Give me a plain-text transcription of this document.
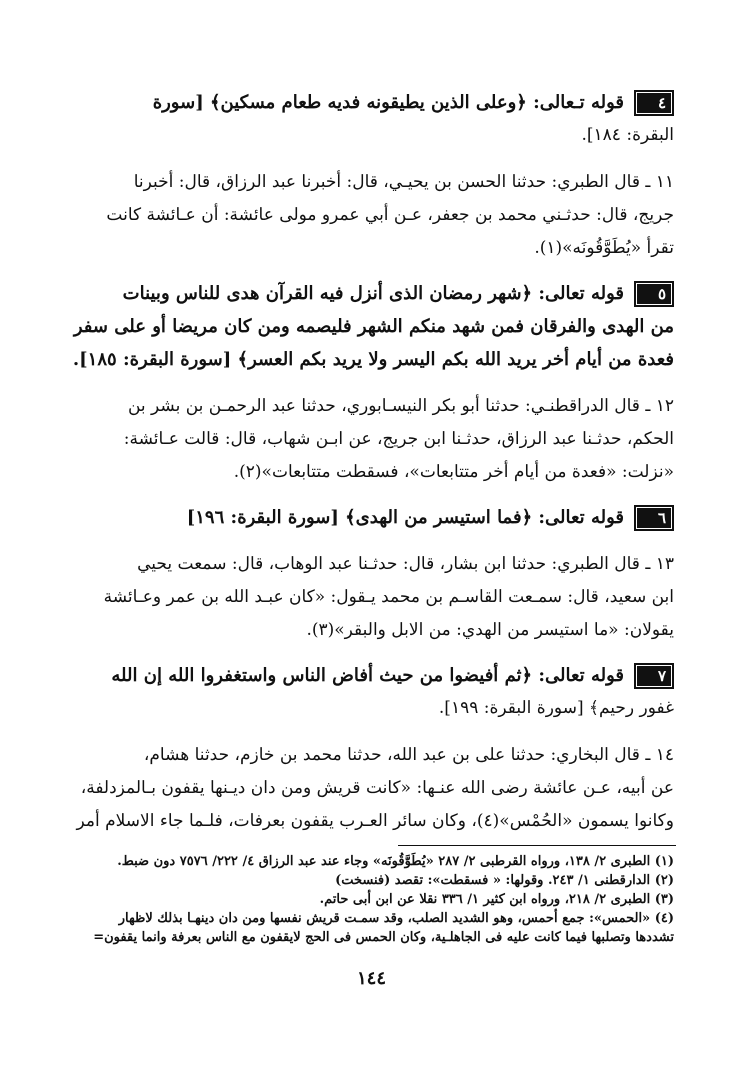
٤قوله تـعالى: ﴿وعلى الذين يطيقونه فديه طعام مسكين﴾ [سورة
البقرة: ١٨٤].
١١ ـ قال الطبري: حدثنا الحسن بن يحيـي، قال: أخبرنا عبد الرزاق، قال: أخبرنا
جريج، قال: حدثـني محمد بن جعفر، عـن أبي عمرو مولى عائشة: أن عـائشة كانت
تقرأ «يُطَوَّقُونَه»(١).
٥قوله تعالى: ﴿شهر رمضان الذى أنزل فيه القرآن هدى للناس وبينات
من الهدى والفرقان فمن شهد منكم الشهر فليصمه ومن كان مريضا أو على سفر
فعدة من أيام أخر يريد الله بكم اليسر ولا يريد بكم العسر﴾ [سورة البقرة: ١٨٥].
١٢ ـ قال الدراقطنـي: حدثنا أبو بكر النيسـابوري، حدثنا عبد الرحمـن بن بشر بن
الحكم، حدثـنا عبد الرزاق، حدثـنا ابن جريج، عن ابـن شهاب، قال: قالت عـائشة:
«نزلت: «فعدة من أيام أخر متتابعات»، فسقطت متتابعات»(٢).
٦قوله تعالى: ﴿فما استيسر من الهدى﴾ [سورة البقرة: ١٩٦]
١٣ ـ قال الطبري: حدثنا ابن بشار، قال: حدثـنا عبد الوهاب، قال: سمعت يحيي
ابن سعيد، قال: سمـعت القاسـم بن محمد يـقول: «كان عبـد الله بن عمر وعـائشة
يقولان: «ما استيسر من الهدي: من الابل والبقر»(٣).
٧قوله تعالى: ﴿ثم أفيضوا من حيث أفاض الناس واستغفروا الله إن الله
غفور رحيم﴾ [سورة البقرة: ١٩٩].
١٤ ـ قال البخاري: حدثنا على بن عبد الله، حدثنا محمد بن خازم، حدثنا هشام،
عن أبيه، عـن عائشة رضى الله عنـها: «كانت قريش ومن دان ديـنها يقفون بـالمزدلفة،
وكانوا يسمون «الحُمْس»(٤)، وكان سائر العـرب يقفون بعرفات، فلـما جاء الاسلام أمر
(١) الطبرى ٢/ ١٣٨، ورواه القرطبى ٢/ ٢٨٧ «يُطَوَّقُونَه» وجاء عند عبد الرزاق ٤/ ٢٢٢/ ٧٥٧٦ دون ضبط.
(٢) الدارقطنى ١/ ٢٤٣. وقولها: « فسقطت»: تقصد (فنسخت)
(٣) الطبرى ٢/ ٢١٨، ورواه ابن كثير ١/ ٣٣٦ نقلا عن ابن أبى حاتم.
(٤) «الحمس»: جمع أحمس، وهو الشديد الصلب، وقد سمـت قريش نفسها ومن دان دينهـا بذلك لاظهار
تشددها وتصلبها فيما كانت عليه فى الجاهلـية، وكان الحمس فى الحج لايقفون مع الناس بعرفة وانما يقفون=
١٤٤
